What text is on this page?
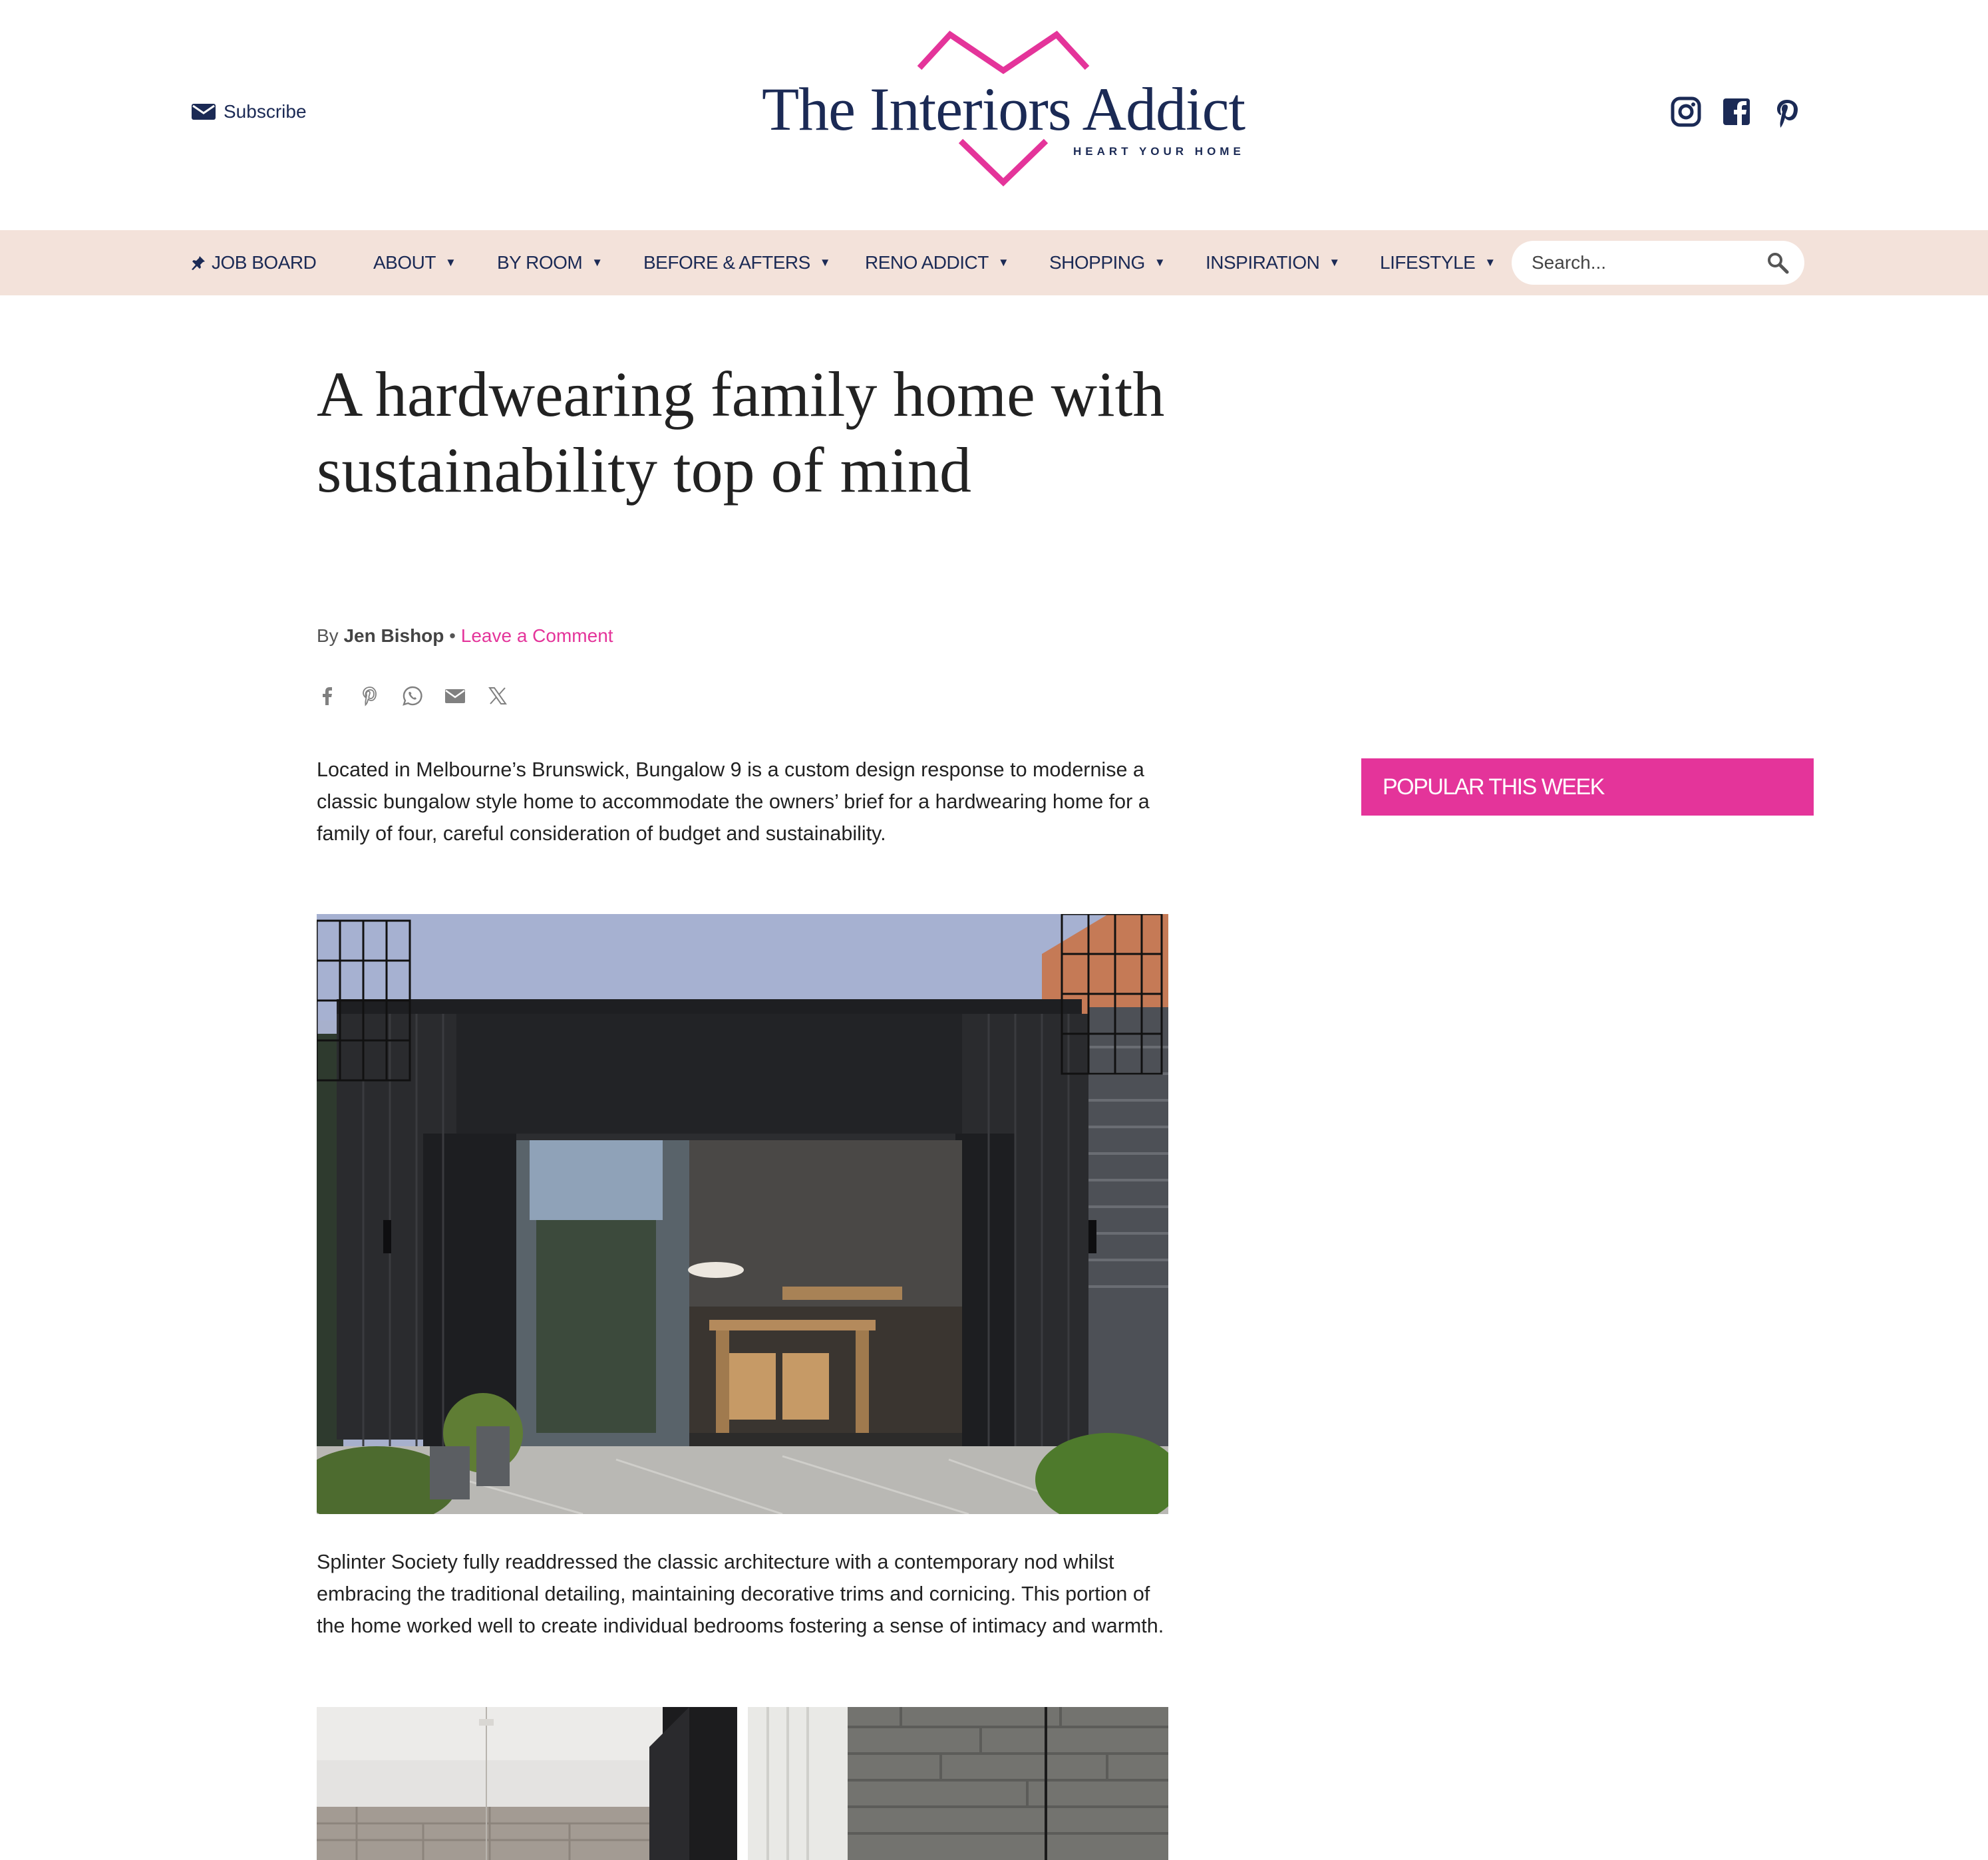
Subscribe	The Interiors Addict
HEART YOUR HOME
JOB BOARD	ABOUT ▼ BY ROOM ▼ BEFORE & AFTERS ▼ RENO ADDICT ▼ SHOPPING ▼ INSPIRATION ▼ LIFESTYLE ▼
Search...
A hardwearing family home with sustainability top of mind
By Jen Bishop • Leave a Comment

Located in Melbourne’s Brunswick, Bungalow 9 is a custom design response to modernise a classic bungalow style home to accommodate the owners’ brief for a hardwearing home for a family of four, careful consideration of budget and sustainability.

Splinter Society fully readdressed the classic architecture with a contemporary nod whilst embracing the traditional detailing, maintaining decorative trims and cornicing. This portion of the home worked well to create individual bedrooms fostering a sense of intimacy and warmth.

POPULAR THIS WEEK
